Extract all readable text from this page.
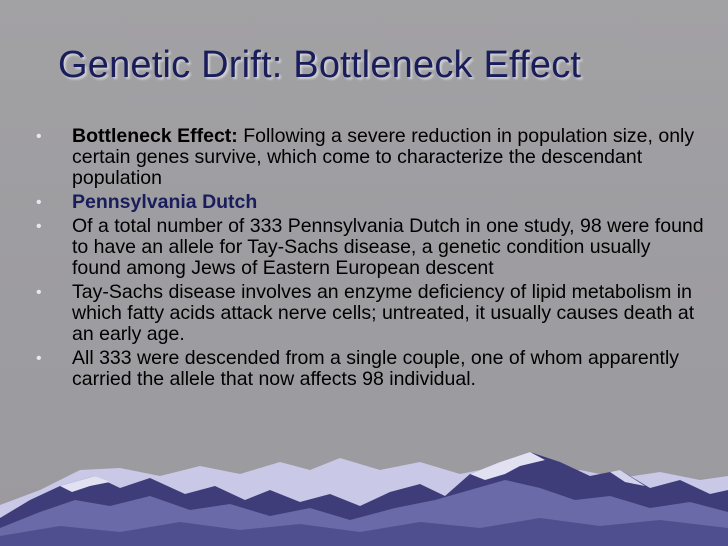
Genetic Drift: Bottleneck Effect
• Bottleneck Effect: Following a severe reduction in population size, only certain genes survive, which come to characterize the descendant population
• Pennsylvania Dutch
• Of a total number of 333 Pennsylvania Dutch in one study, 98 were found to have an allele for Tay-Sachs disease, a genetic condition usually found among Jews of Eastern European descent
• Tay-Sachs disease involves an enzyme deficiency of lipid metabolism in which fatty acids attack nerve cells; untreated, it usually causes death at an early age.
• All 333 were descended from a single couple, one of whom apparently carried the allele that now affects 98 individual.
